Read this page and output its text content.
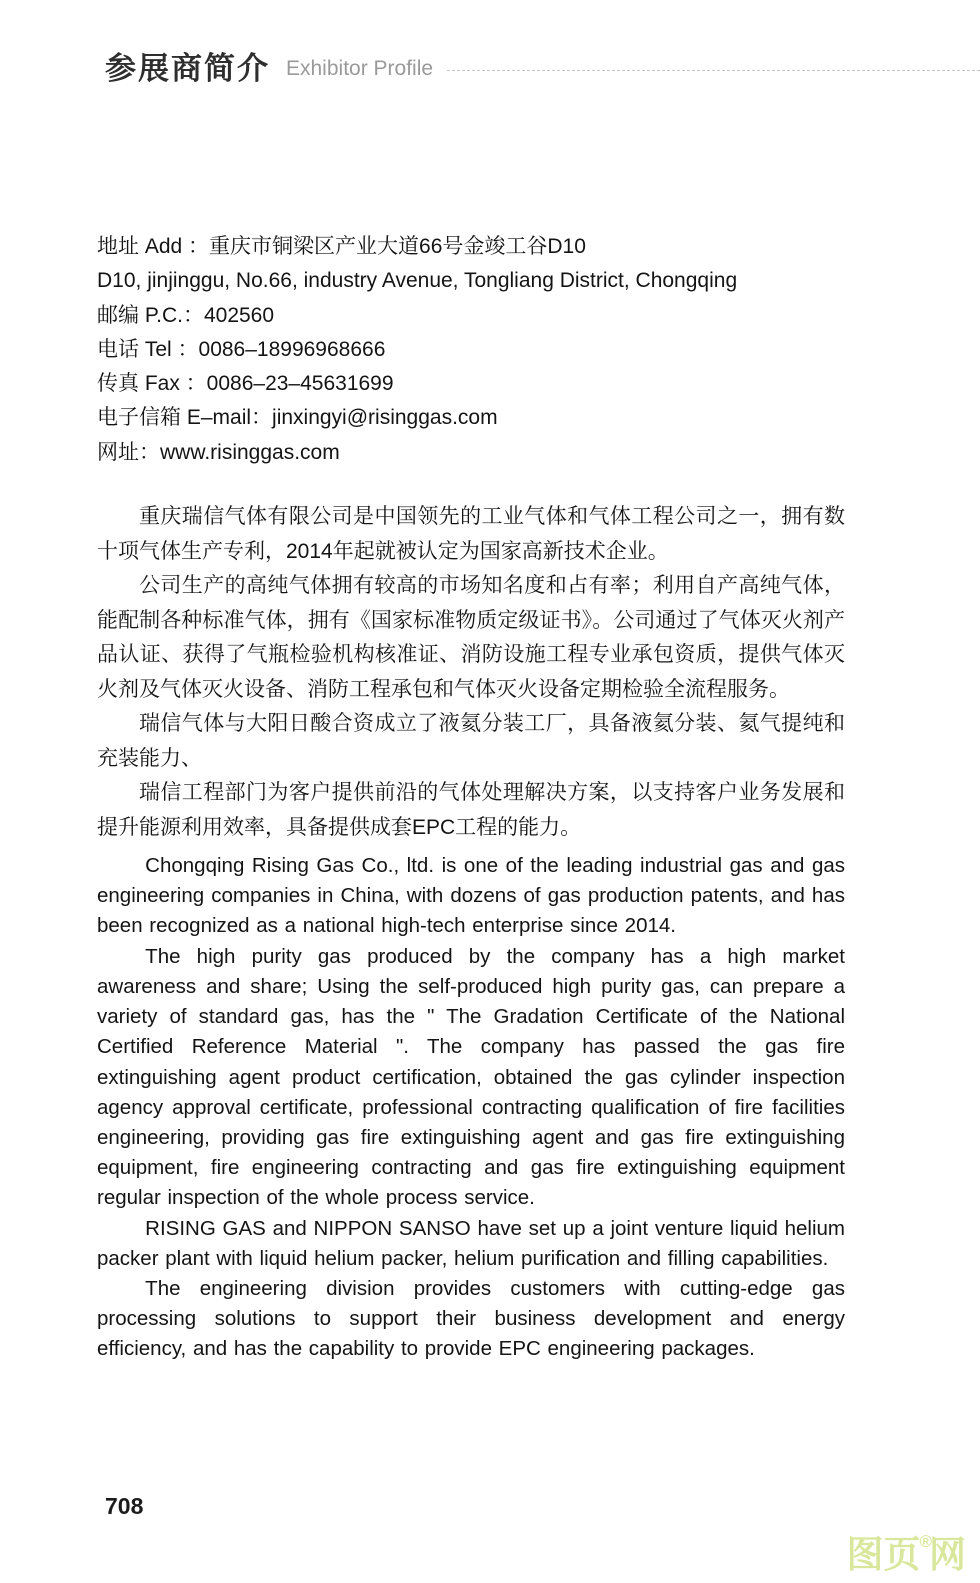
参展商简介 Exhibitor Profile
地址 Add ：重庆市铜梁区产业大道66号金竣工谷D10
D10, jinjinggu, No.66, industry Avenue, Tongliang District, Chongqing
邮编 P.C.：402560
电话 Tel ：0086–18996968666
传真 Fax ：0086–23–45631699
电子信箱 E–mail：jinxingyi@risinggas.com
网址：www.risinggas.com

重庆瑞信气体有限公司是中国领先的工业气体和气体工程公司之一，拥有数十项气体生产专利，2014年起就被认定为国家高新技术企业。

公司生产的高纯气体拥有较高的市场知名度和占有率；利用自产高纯气体，能配制各种标准气体，拥有《国家标准物质定级证书》。公司通过了气体灭火剂产品认证、获得了气瓶检验机构核准证、消防设施工程专业承包资质，提供气体灭火剂及气体灭火设备、消防工程承包和气体灭火设备定期检验全流程服务。

瑞信气体与大阳日酸合资成立了液氦分装工厂，具备液氦分装、氦气提纯和充装能力、

瑞信工程部门为客户提供前沿的气体处理解决方案，以支持客户业务发展和提升能源利用效率，具备提供成套EPC工程的能力。

Chongqing Rising Gas Co., ltd. is one of the leading industrial gas and gas engineering companies in China, with dozens of gas production patents, and has been recognized as a national high-tech enterprise since 2014.

The high purity gas produced by the company has a high market awareness and share; Using the self-produced high purity gas, can prepare a variety of standard gas, has the " The Gradation Certificate of the National Certified Reference Material ". The company has passed the gas fire extinguishing agent product certification, obtained the gas cylinder inspection agency approval certificate, professional contracting qualification of fire facilities engineering, providing gas fire extinguishing agent and gas fire extinguishing equipment, fire engineering contracting and gas fire extinguishing equipment regular inspection of the whole process service.

RISING GAS and NIPPON SANSO have set up a joint venture liquid helium packer plant with liquid helium packer, helium purification and filling capabilities.

The engineering division provides customers with cutting-edge gas processing solutions to support their business development and energy efficiency, and has the capability to provide EPC engineering packages.

708
图页®网
